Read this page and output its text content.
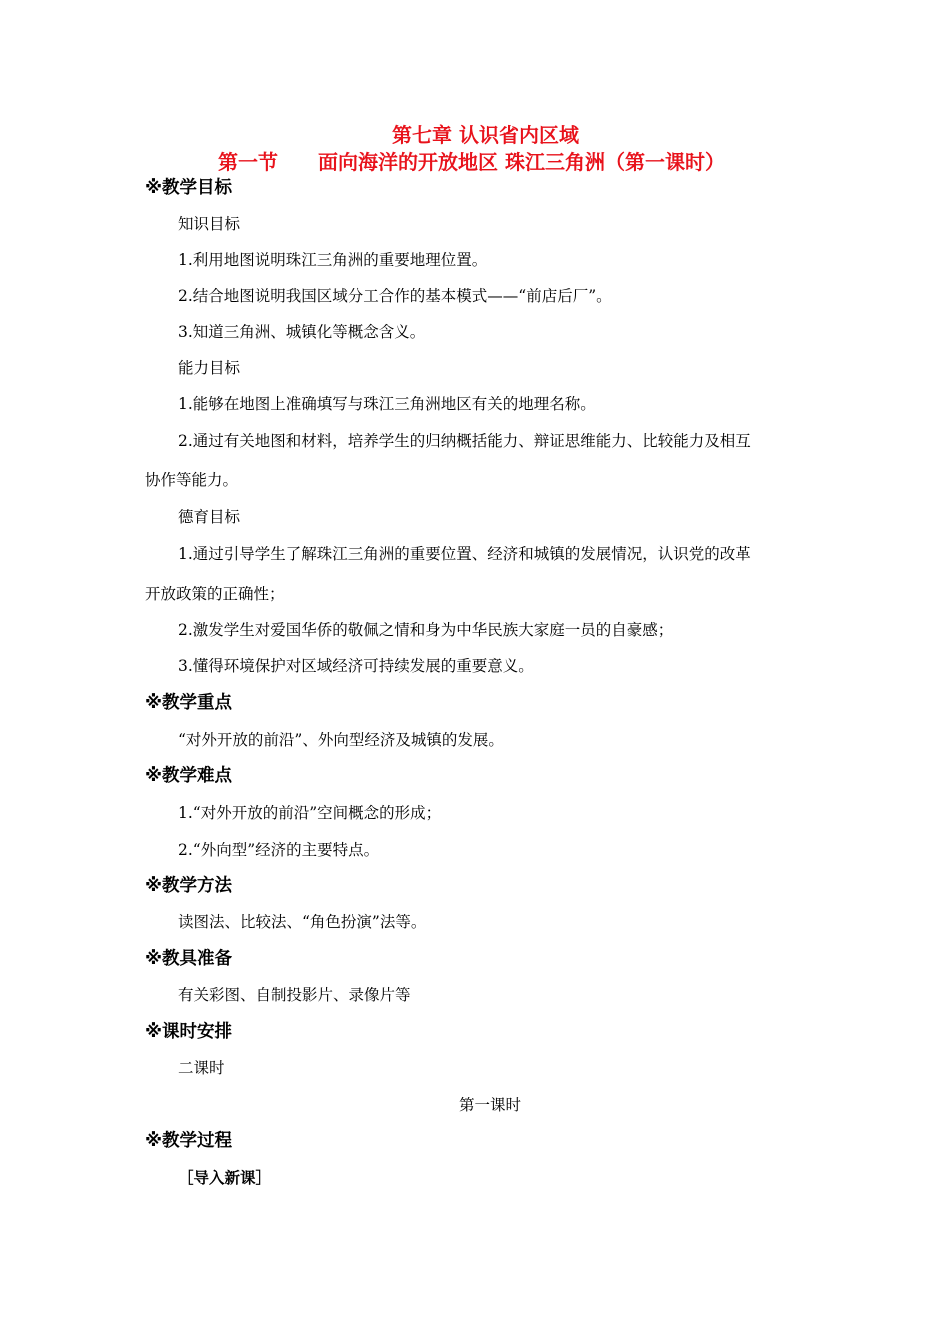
第七章 认识省内区域
第一节 面向海洋的开放地区 珠江三角洲（第一课时）
※教学目标
知识目标
1.利用地图说明珠江三角洲的重要地理位置。
2.结合地图说明我国区域分工合作的基本模式——“前店后厂”。
3.知道三角洲、城镇化等概念含义。
能力目标
1.能够在地图上准确填写与珠江三角洲地区有关的地理名称。
2.通过有关地图和材料，培养学生的归纳概括能力、辩证思维能力、比较能力及相互
协作等能力。
德育目标
1.通过引导学生了解珠江三角洲的重要位置、经济和城镇的发展情况，认识党的改革
开放政策的正确性；
2.激发学生对爱国华侨的敬佩之情和身为中华民族大家庭一员的自豪感；
3.懂得环境保护对区域经济可持续发展的重要意义。
※教学重点
“对外开放的前沿”、外向型经济及城镇的发展。
※教学难点
1.“对外开放的前沿”空间概念的形成；
2.“外向型”经济的主要特点。
※教学方法
读图法、比较法、“角色扮演”法等。
※教具准备
有关彩图、自制投影片、录像片等
※课时安排
二课时
第一课时
※教学过程
［导入新课］
